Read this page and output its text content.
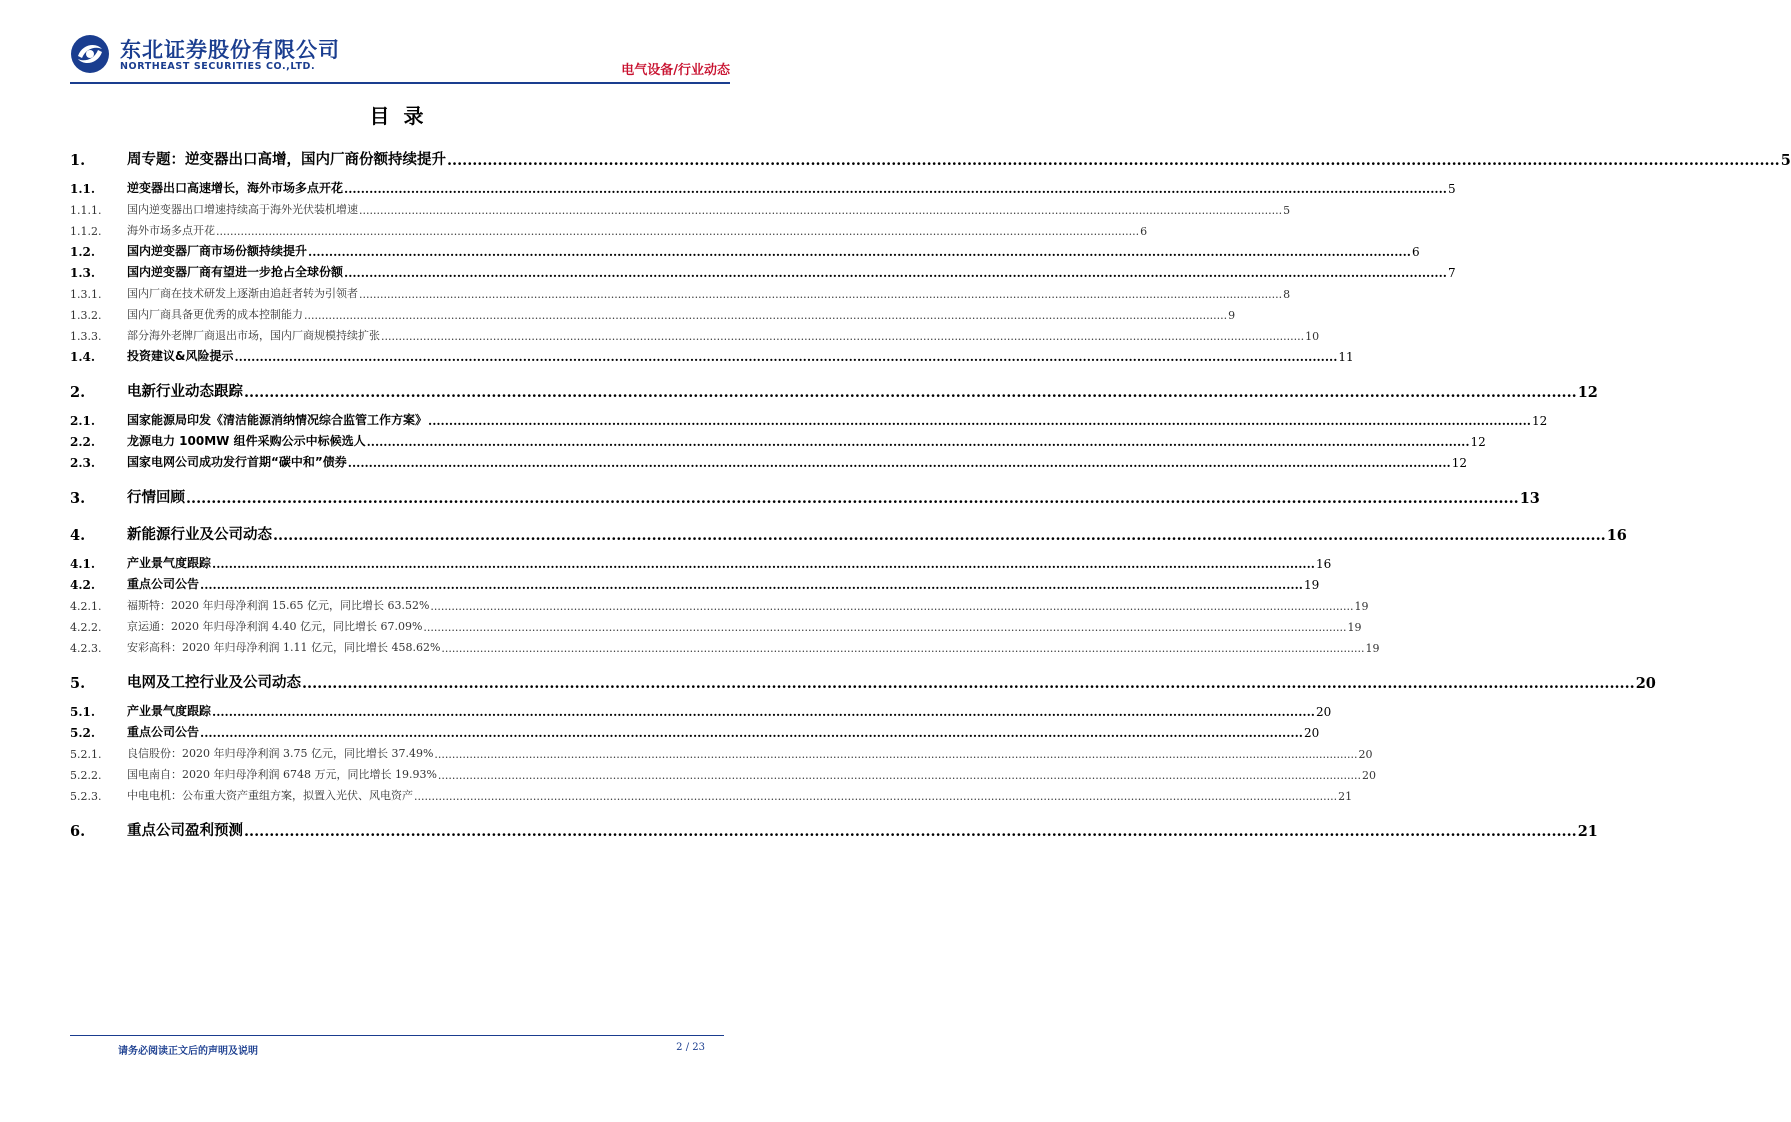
东北证券股份有限公司
NORTHEAST SECURITIES CO.,LTD.	电气设备/行业动态
目录
1.	周专题：逆变器出口高增，国内厂商份额持续提升 .....	5
1.1.	逆变器出口高速增长，海外市场多点开花 .....	5
1.1.1.	国内逆变器出口增速持续高于海外光伏装机增速 .....	5
1.1.2.	海外市场多点开花 .....	6
1.2.	国内逆变器厂商市场份额持续提升 .....	6
1.3.	国内逆变器厂商有望进一步抢占全球份额 .....	7
1.3.1.	国内厂商在技术研发上逐渐由追赶者转为引领者 .....	8
1.3.2.	国内厂商具备更优秀的成本控制能力 .....	9
1.3.3.	部分海外老牌厂商退出市场，国内厂商规模持续扩张 .....	10
1.4.	投资建议&风险提示 .....	11
2.	电新行业动态跟踪 .....	12
2.1.	国家能源局印发《清洁能源消纳情况综合监管工作方案》 .....	12
2.2.	龙源电力 100MW 组件采购公示中标候选人 .....	12
2.3.	国家电网公司成功发行首期“碳中和”债券 .....	12
3.	行情回顾 .....	13
4.	新能源行业及公司动态 .....	16
4.1.	产业景气度跟踪 .....	16
4.2.	重点公司公告 .....	19
4.2.1.	福斯特：2020 年归母净利润 15.65 亿元，同比增长 63.52% .....	19
4.2.2.	京运通：2020 年归母净利润 4.40 亿元，同比增长 67.09% .....	19
4.2.3.	安彩高科：2020 年归母净利润 1.11 亿元，同比增长 458.62% .....	19
5.	电网及工控行业及公司动态 .....	20
5.1.	产业景气度跟踪 .....	20
5.2.	重点公司公告 .....	20
5.2.1.	良信股份：2020 年归母净利润 3.75 亿元，同比增长 37.49% .....	20
5.2.2.	国电南自：2020 年归母净利润 6748 万元，同比增长 19.93% .....	20
5.2.3.	中电电机：公布重大资产重组方案，拟置入光伏、风电资产 .....	21
6.	重点公司盈利预测 .....	21
请务必阅读正文后的声明及说明	2 / 23
